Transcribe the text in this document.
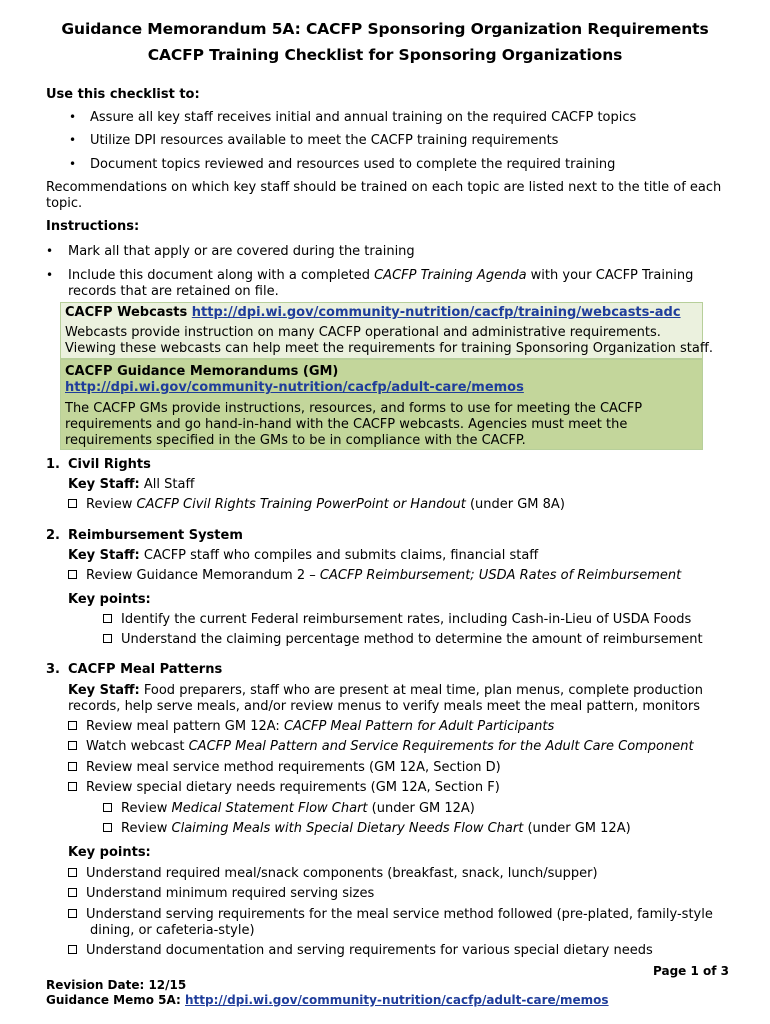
Guidance Memorandum 5A: CACFP Sponsoring Organization Requirements
CACFP Training Checklist for Sponsoring Organizations
Use this checklist to:
• Assure all key staff receives initial and annual training on the required CACFP topics
• Utilize DPI resources available to meet the CACFP training requirements
• Document topics reviewed and resources used to complete the required training
Recommendations on which key staff should be trained on each topic are listed next to the title of each
topic.
Instructions:
• Mark all that apply or are covered during the training
• Include this document along with a completed CACFP Training Agenda with your CACFP Training
records that are retained on file.
CACFP Webcasts http://dpi.wi.gov/community-nutrition/cacfp/training/webcasts-adc
Webcasts provide instruction on many CACFP operational and administrative requirements.
Viewing these webcasts can help meet the requirements for training Sponsoring Organization staff.
CACFP Guidance Memorandums (GM)
http://dpi.wi.gov/community-nutrition/cacfp/adult-care/memos
The CACFP GMs provide instructions, resources, and forms to use for meeting the CACFP
requirements and go hand-in-hand with the CACFP webcasts. Agencies must meet the
requirements specified in the GMs to be in compliance with the CACFP.
1. Civil Rights
Key Staff: All Staff
Review CACFP Civil Rights Training PowerPoint or Handout (under GM 8A)
2. Reimbursement System
Key Staff: CACFP staff who compiles and submits claims, financial staff
Review Guidance Memorandum 2 – CACFP Reimbursement; USDA Rates of Reimbursement
Key points:
Identify the current Federal reimbursement rates, including Cash-in-Lieu of USDA Foods
Understand the claiming percentage method to determine the amount of reimbursement
3. CACFP Meal Patterns
Key Staff: Food preparers, staff who are present at meal time, plan menus, complete production
records, help serve meals, and/or review menus to verify meals meet the meal pattern, monitors
Review meal pattern GM 12A: CACFP Meal Pattern for Adult Participants
Watch webcast CACFP Meal Pattern and Service Requirements for the Adult Care Component
Review meal service method requirements (GM 12A, Section D)
Review special dietary needs requirements (GM 12A, Section F)
Review Medical Statement Flow Chart (under GM 12A)
Review Claiming Meals with Special Dietary Needs Flow Chart (under GM 12A)
Key points:
Understand required meal/snack components (breakfast, snack, lunch/supper)
Understand minimum required serving sizes
Understand serving requirements for the meal service method followed (pre-plated, family-style
dining, or cafeteria-style)
Understand documentation and serving requirements for various special dietary needs
Page 1 of 3
Revision Date: 12/15
Guidance Memo 5A: http://dpi.wi.gov/community-nutrition/cacfp/adult-care/memos
